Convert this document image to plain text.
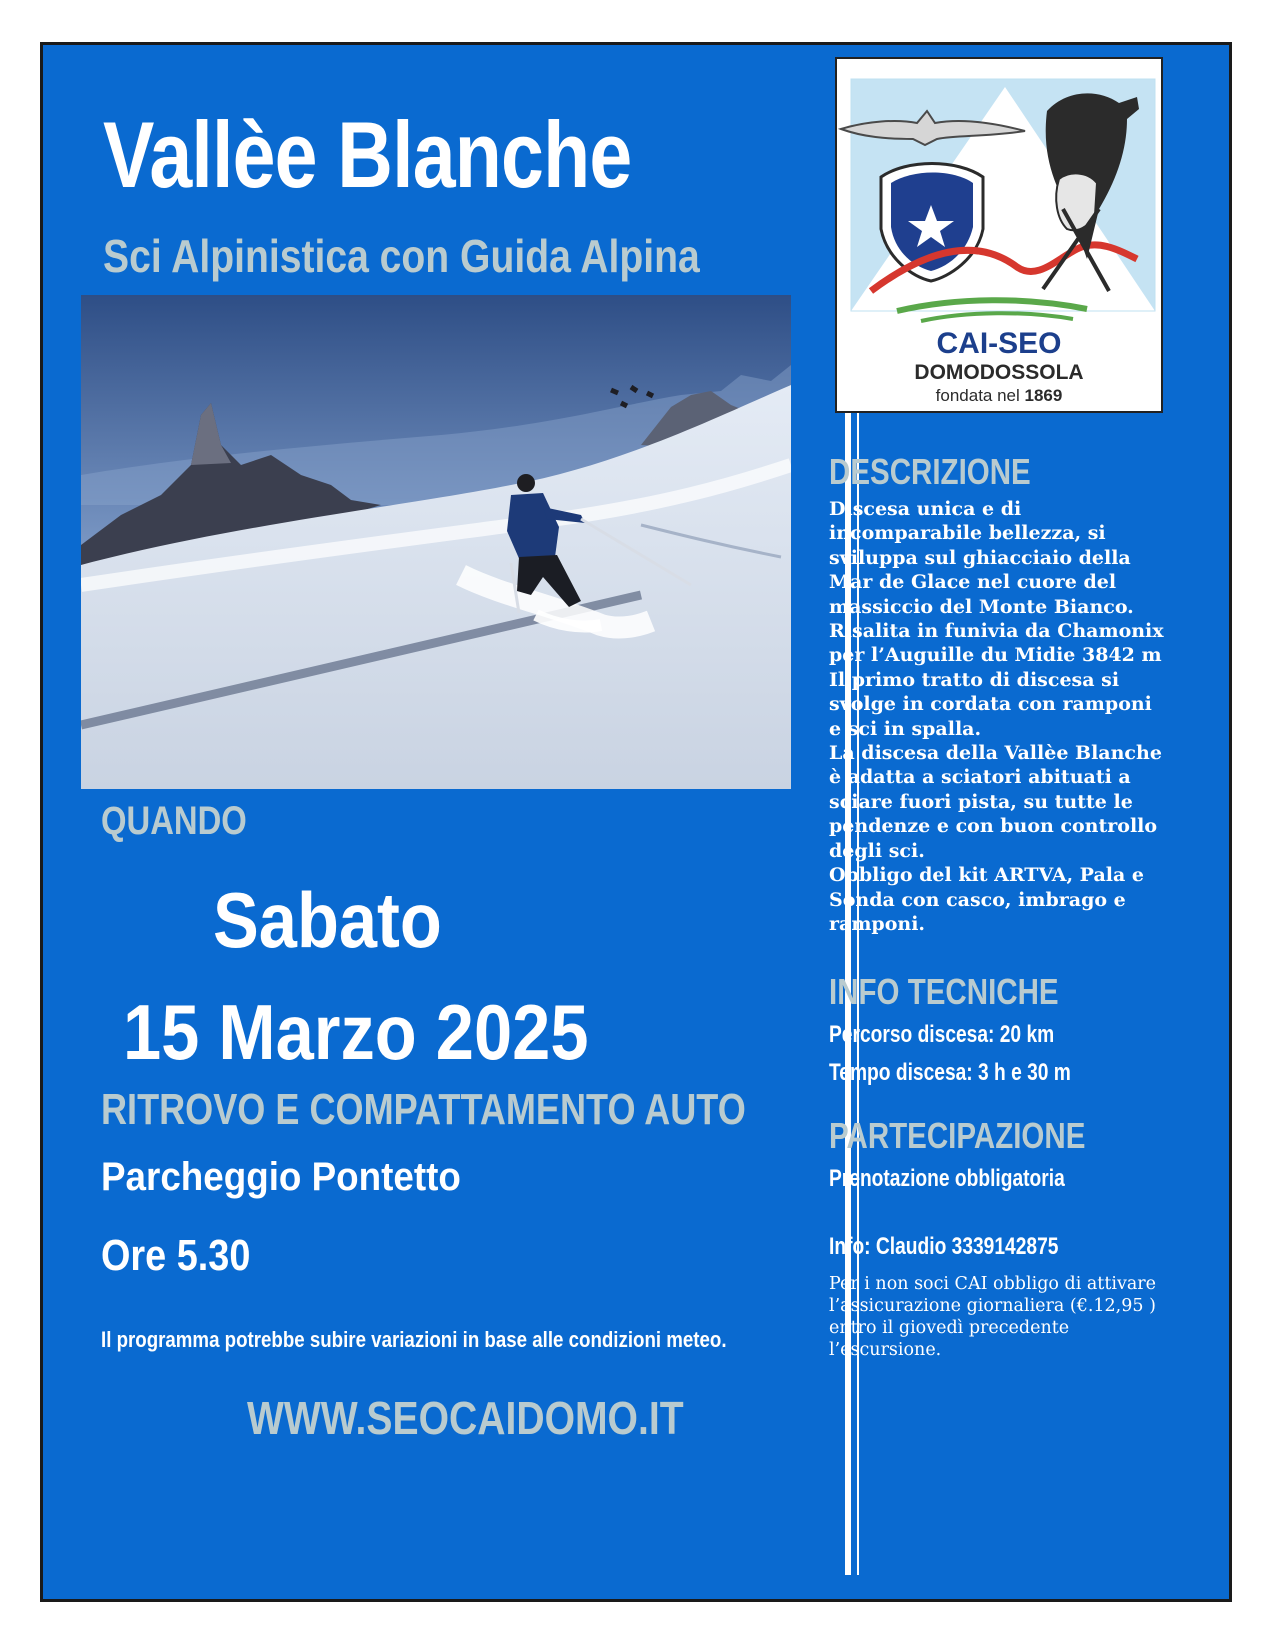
Vallèe Blanche
Sci Alpinistica con Guida Alpina
QUANDO
Sabato
15 Marzo 2025
RITROVO E COMPATTAMENTO AUTO
Parcheggio Pontetto
Ore 5.30
Il programma potrebbe subire variazioni in base alle condizioni meteo.
WWW.SEOCAIDOMO.IT
CAI-SEO
DOMODOSSOLA
fondata nel 1869
DESCRIZIONE
Discesa unica e di
incomparabile bellezza, si
sviluppa sul ghiacciaio della
Mar de Glace nel cuore del
massiccio del Monte Bianco.
Risalita in funivia da Chamonix
per l’Auguille du Midie 3842 m
Il primo tratto di discesa si
svolge in cordata con ramponi
e sci in spalla.
La discesa della Vallèe Blanche
è adatta a sciatori abituati a
sciare fuori pista, su tutte le
pendenze e con buon controllo
degli sci.
Obbligo del kit ARTVA, Pala e
Sonda con casco, imbrago e
ramponi.
INFO TECNICHE
Percorso discesa: 20 km
Tempo discesa: 3 h e 30 m
PARTECIPAZIONE
Prenotazione obbligatoria
Info: Claudio 3339142875
Per i non soci CAI obbligo di attivare
l’assicurazione giornaliera (€.12,95 )
entro il giovedì precedente
l’escursione.
